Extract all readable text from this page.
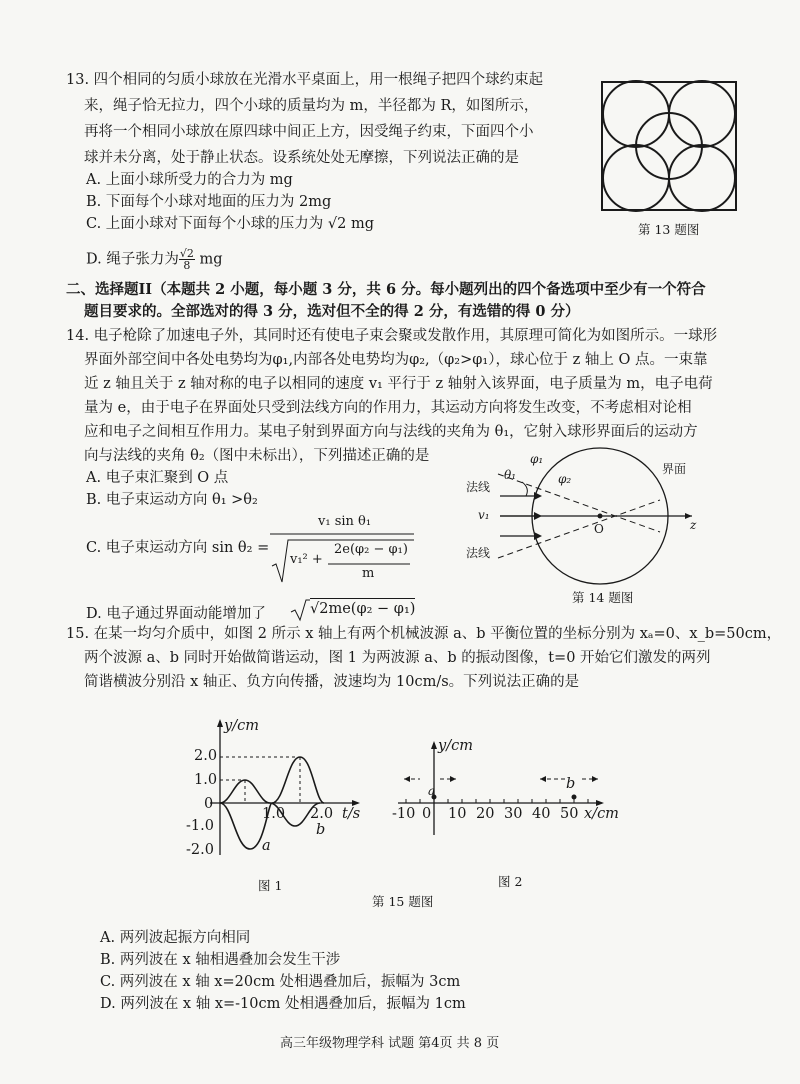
13. 四个相同的匀质小球放在光滑水平桌面上，用一根绳子把四个球约束起
来，绳子恰无拉力，四个小球的质量均为 m，半径都为 R，如图所示，
再将一个相同小球放在原四球中间正上方，因受绳子约束，下面四个小
球并未分离，处于静止状态。设系统处处无摩擦，下列说法正确的是
A. 上面小球所受力的合力为 mg
B. 下面每个小球对地面的压力为 2mg
C. 上面小球对下面每个小球的压力为 √2 mg
D. 绳子张力为 $\frac{√2}{8}$ mg
第 13 题图
二、选择题II（本题共 2 小题，每小题 3 分，共 6 分。每小题列出的四个备选项中至少有一个符合
题目要求的。全部选对的得 3 分，选对但不全的得 2 分，有选错的得 0 分）
14. 电子枪除了加速电子外，其同时还有使电子束会聚或发散作用，其原理可简化为如图所示。一球形
界面外部空间中各处电势均为φ₁,内部各处电势均为φ₂,（φ₂>φ₁），球心位于 z 轴上 O 点。一束靠
近 z 轴且关于 z 轴对称的电子以相同的速度 v₁ 平行于 z 轴射入该界面，电子质量为 m，电子电荷
量为 e，由于电子在界面处只受到法线方向的作用力，其运动方向将发生改变，不考虑相对论相
应和电子之间相互作用力。某电子射到界面方向与法线的夹角为 θ₁，它射入球形界面后的运动方
向与法线的夹角 θ₂（图中未标出），下列描述正确的是
A. 电子束汇聚到 O 点
B. 电子束运动方向 θ₁ >θ₂
C. 电子束运动方向 sin θ₂ =
v₁ sin θ₁
v₁² +
2e(φ₂ − φ₁)
m
D. 电子通过界面动能增加了	√2me(φ₂ − φ₁)
φ₁
φ₂
θ₁	界面
法线
法线
v₁
O	z
第 14 题图
15. 在某一均匀介质中，如图 2 所示 x 轴上有两个机械波源 a、b 平衡位置的坐标分别为 xₐ=0、x_b=50cm，
两个波源 a、b 同时开始做简谐运动，图 1 为两波源 a、b 的振动图像，t=0 开始它们激发的两列
简谐横波分别沿 x 轴正、负方向传播，波速均为 10cm/s。下列说法正确的是
y/cm
t/s
2.0
1.0
0
-1.0
-2.0
1.0 2.0
a
b
图 1
y/cm
x/cm
-10 0 10 20 30 40 50
a	b
图 2
第 15 题图
A. 两列波起振方向相同
B. 两列波在 x 轴相遇叠加会发生干涉
C. 两列波在 x 轴 x=20cm 处相遇叠加后，振幅为 3cm
D. 两列波在 x 轴 x=-10cm 处相遇叠加后，振幅为 1cm
高三年级物理学科 试题 第4页 共 8 页
